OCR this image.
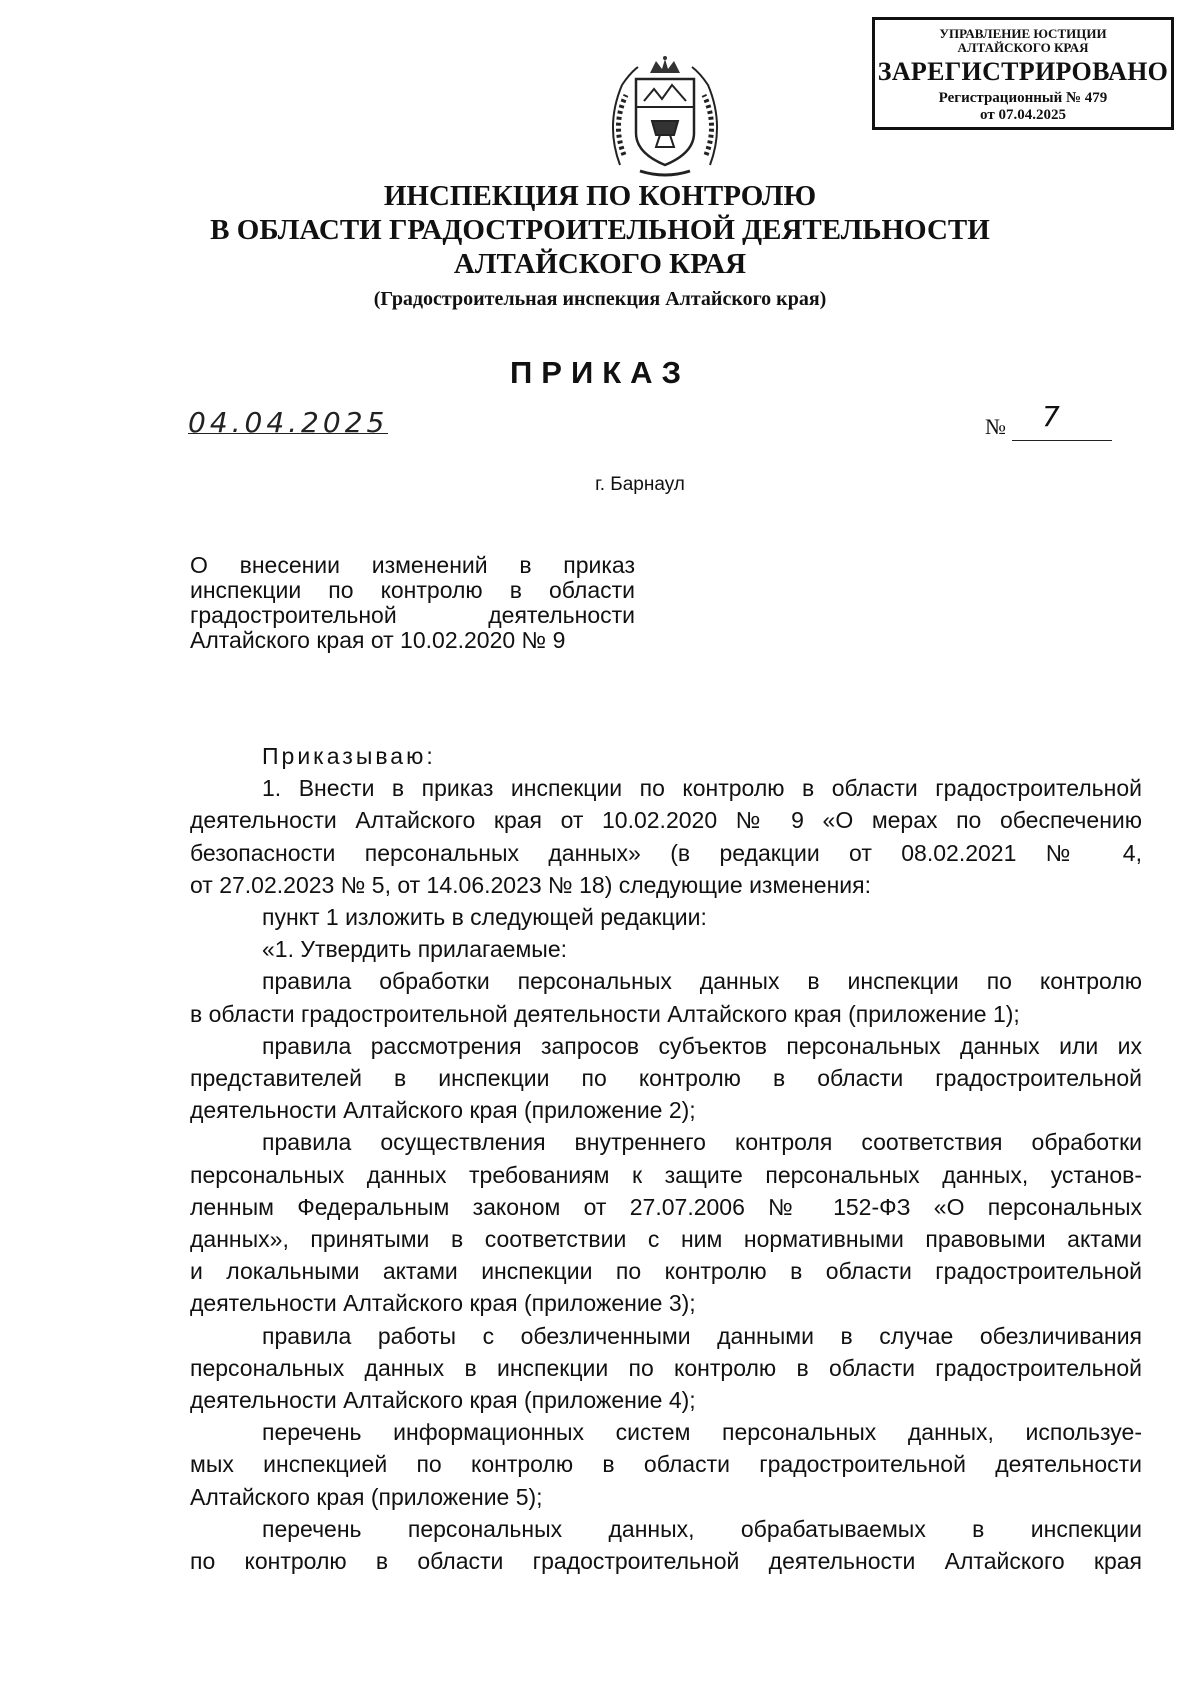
УПРАВЛЕНИЕ ЮСТИЦИИ
АЛТАЙСКОГО КРАЯ
ЗАРЕГИСТРИРОВАНО
Регистрационный № 479
от 07.04.2025
ИНСПЕКЦИЯ ПО КОНТРОЛЮ
В ОБЛАСТИ ГРАДОСТРОИТЕЛЬНОЙ ДЕЯТЕЛЬНОСТИ
АЛТАЙСКОГО КРАЯ
(Градостроительная инспекция Алтайского края)
ПРИКАЗ
04.04.2025	№ 7
г. Барнаул
О внесении изменений в приказ
инспекции по контролю в области
градостроительной деятельности
Алтайского края от 10.02.2020 № 9
Приказываю:
1. Внести в приказ инспекции по контролю в области градостроительной
деятельности Алтайского края от 10.02.2020 № 9 «О мерах по обеспечению
безопасности персональных данных» (в редакции от 08.02.2021 № 4,
от 27.02.2023 № 5, от 14.06.2023 № 18) следующие изменения:
пункт 1 изложить в следующей редакции:
«1. Утвердить прилагаемые:
правила обработки персональных данных в инспекции по контролю
в области градостроительной деятельности Алтайского края (приложение 1);
правила рассмотрения запросов субъектов персональных данных или их
представителей в инспекции по контролю в области градостроительной
деятельности Алтайского края (приложение 2);
правила осуществления внутреннего контроля соответствия обработки
персональных данных требованиям к защите персональных данных, установ-
ленным Федеральным законом от 27.07.2006 № 152-ФЗ «О персональных
данных», принятыми в соответствии с ним нормативными правовыми актами
и локальными актами инспекции по контролю в области градостроительной
деятельности Алтайского края (приложение 3);
правила работы с обезличенными данными в случае обезличивания
персональных данных в инспекции по контролю в области градостроительной
деятельности Алтайского края (приложение 4);
перечень информационных систем персональных данных, используе-
мых инспекцией по контролю в области градостроительной деятельности
Алтайского края (приложение 5);
перечень персональных данных, обрабатываемых в инспекции
по контролю в области градостроительной деятельности Алтайского края
